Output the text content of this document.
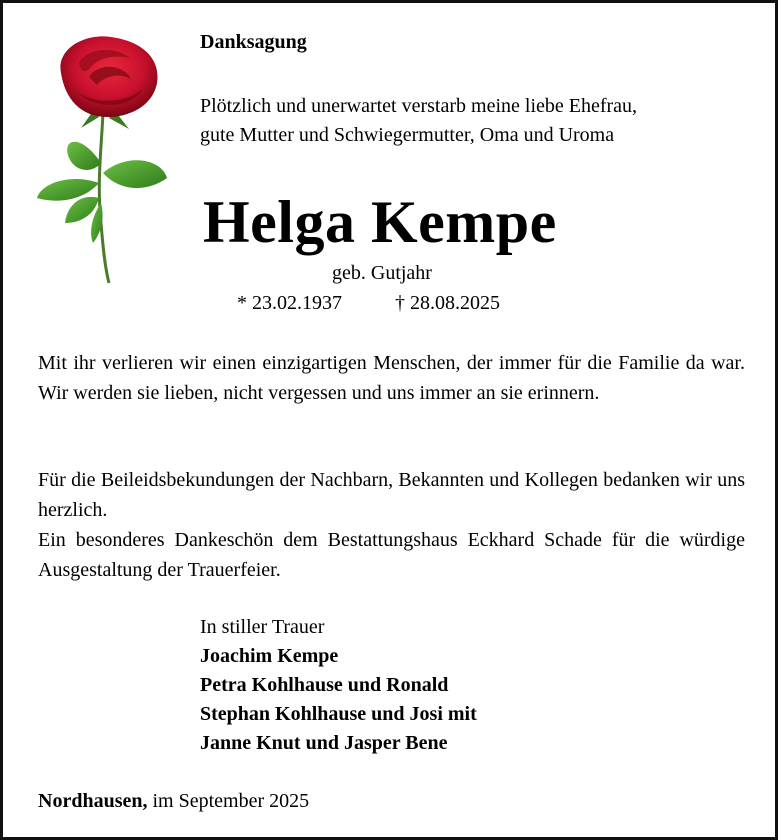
Danksagung
Plötzlich und unerwartet verstarb meine liebe Ehefrau,
gute Mutter und Schwiegermutter, Oma und Uroma
Helga Kempe
geb. Gutjahr
* 23.02.1937	† 28.08.2025

Mit ihr verlieren wir einen einzigartigen Menschen, der immer für die Familie da war. Wir werden sie lieben, nicht vergessen und uns immer an sie erinnern.

Für die Beileidsbekundungen der Nachbarn, Bekannten und Kollegen bedanken wir uns herzlich.
Ein besonderes Dankeschön dem Bestattungshaus Eckhard Schade für die würdige Ausgestaltung der Trauerfeier.
In stiller Trauer
Joachim Kempe
Petra Kohlhause und Ronald
Stephan Kohlhause und Josi mit
Janne Knut und Jasper Bene
Nordhausen, im September 2025
